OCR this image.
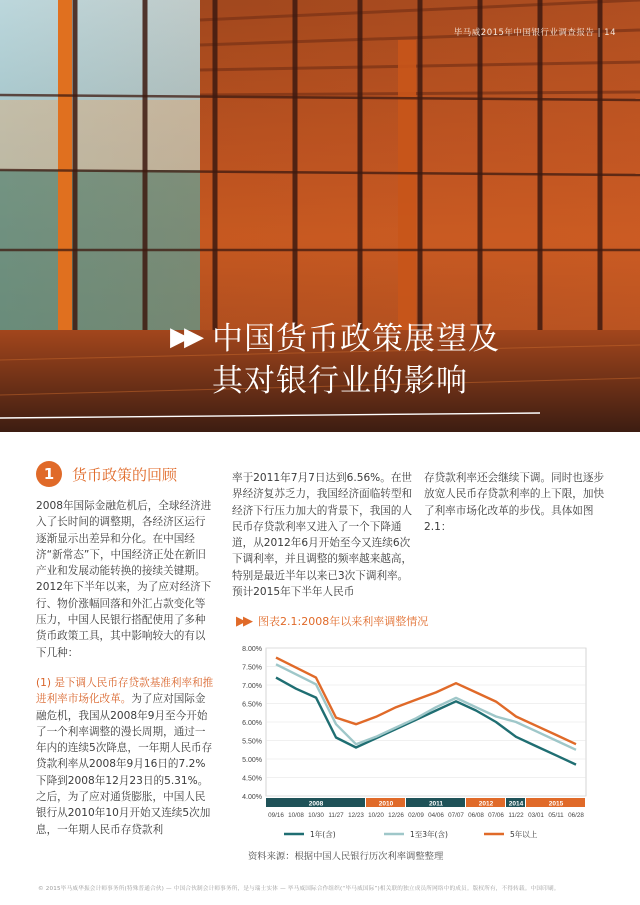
毕马威2015年中国银行业调查报告 | 14
▶▶ 中国货币政策展望及
其对银行业的影响
1	货币政策的回顾

2008年国际金融危机后，全球经济进入了长时间的调整期，各经济区运行逐渐显示出差异和分化。在中国经济“新常态”下，中国经济正处在新旧产业和发展动能转换的接续关键期。2012年下半年以来，为了应对经济下行、物价涨幅回落和外汇占款变化等压力，中国人民银行搭配使用了多种货币政策工具，其中影响较大的有以下几种：

(1) 是下调人民币存贷款基准利率和推进利率市场化改革。为了应对国际金融危机，我国从2008年9月至今开始了一个利率调整的漫长周期，通过一年内的连续5次降息，一年期人民币存贷款利率从2008年9月16日的7.2%下降到2008年12月23日的5.31%。之后，为了应对通货膨胀，中国人民银行从2010年10月开始又连续5次加息，一年期人民币存贷款利

率于2011年7月7日达到6.56%。在世界经济复苏乏力，我国经济面临转型和经济下行压力加大的背景下，我国的人民币存贷款利率又进入了一个下降通道，从2012年6月开始至今又连续6次下调利率，并且调整的频率越来越高，特别是最近半年以来已3次下调利率。预计2015年下半年人民币

存贷款利率还会继续下调。同时也逐步放宽人民币存贷款利率的上下限，加快了利率市场化改革的步伐。具体如图2.1：

▶▶ 图表2.1:2008年以来利率调整情况
8.00%
7.50%
7.00%
6.50%
6.00%
5.50%
5.00%
4.50%
4.00%
2008	2010	2011	2012 2014	2015
09/16 10/08 10/30 11/27 12/23 10/20 12/26 02/09 04/06 07/07 06/08 07/06 11/22 03/01 05/11 06/28
1年(含)	1至3年(含)	5年以上
资料来源：根据中国人民银行历次利率调整整理
© 2015毕马威华振会计师事务所(特殊普通合伙) — 中国合伙制会计师事务所，是与瑞士实体 — 毕马威国际合作组织(“毕马威国际”)相关联的独立成员所网络中的成员。版权所有，不得转载。中国印刷。
